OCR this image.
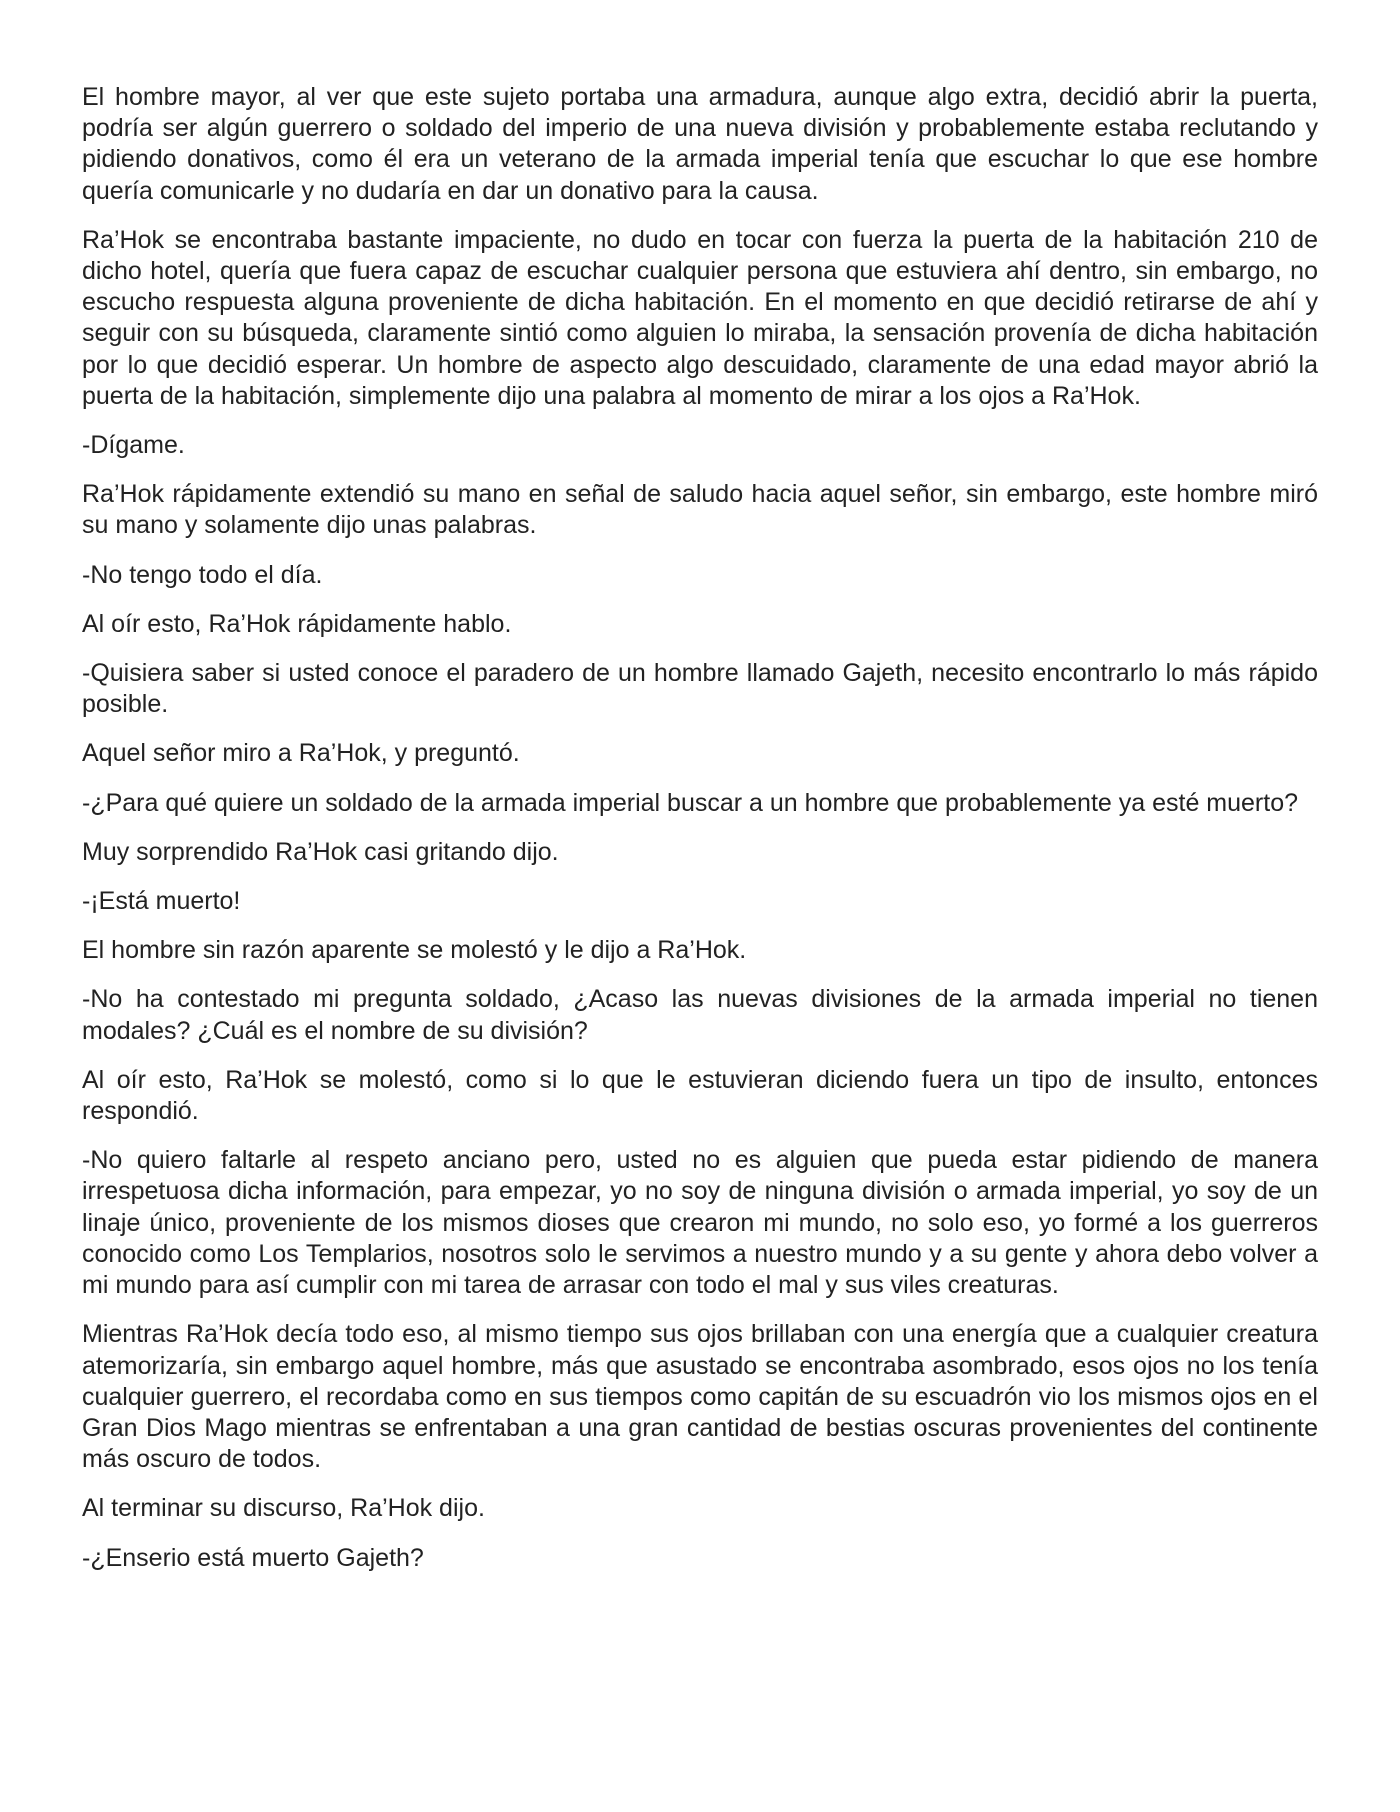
El hombre mayor, al ver que este sujeto portaba una armadura, aunque algo extra, decidió abrir la puerta, podría ser algún guerrero o soldado del imperio de una nueva división y probablemente estaba reclutando y pidiendo donativos, como él era un veterano de la armada imperial tenía que escuchar lo que ese hombre quería comunicarle y no dudaría en dar un donativo para la causa.

Ra’Hok se encontraba bastante impaciente, no dudo en tocar con fuerza la puerta de la habitación 210 de dicho hotel, quería que fuera capaz de escuchar cualquier persona que estuviera ahí dentro, sin embargo, no escucho respuesta alguna proveniente de dicha habitación. En el momento en que decidió retirarse de ahí y seguir con su búsqueda, claramente sintió como alguien lo miraba, la sensación provenía de dicha habitación por lo que decidió esperar. Un hombre de aspecto algo descuidado, claramente de una edad mayor abrió la puerta de la habitación, simplemente dijo una palabra al momento de mirar a los ojos a Ra’Hok.

-Dígame.

Ra’Hok rápidamente extendió su mano en señal de saludo hacia aquel señor, sin embargo, este hombre miró su mano y solamente dijo unas palabras.

-No tengo todo el día.

Al oír esto, Ra’Hok rápidamente hablo.

-Quisiera saber si usted conoce el paradero de un hombre llamado Gajeth, necesito encontrarlo lo más rápido posible.

Aquel señor miro a Ra’Hok, y preguntó.

-¿Para qué quiere un soldado de la armada imperial buscar a un hombre que probablemente ya esté muerto?

Muy sorprendido Ra’Hok casi gritando dijo.

-¡Está muerto!

El hombre sin razón aparente se molestó y le dijo a Ra’Hok.

-No ha contestado mi pregunta soldado, ¿Acaso las nuevas divisiones de la armada imperial no tienen modales? ¿Cuál es el nombre de su división?

Al oír esto, Ra’Hok se molestó, como si lo que le estuvieran diciendo fuera un tipo de insulto, entonces respondió.

-No quiero faltarle al respeto anciano pero, usted no es alguien que pueda estar pidiendo de manera irrespetuosa dicha información, para empezar, yo no soy de ninguna división o armada imperial, yo soy de un linaje único, proveniente de los mismos dioses que crearon mi mundo, no solo eso, yo formé a los guerreros conocido como Los Templarios, nosotros solo le servimos a nuestro mundo y a su gente y ahora debo volver a mi mundo para así cumplir con mi tarea de arrasar con todo el mal y sus viles creaturas.

Mientras Ra’Hok decía todo eso, al mismo tiempo sus ojos brillaban con una energía que a cualquier creatura atemorizaría, sin embargo aquel hombre, más que asustado se encontraba asombrado, esos ojos no los tenía cualquier guerrero, el recordaba como en sus tiempos como capitán de su escuadrón vio los mismos ojos en el Gran Dios Mago mientras se enfrentaban a una gran cantidad de bestias oscuras provenientes del continente más oscuro de todos.

Al terminar su discurso, Ra’Hok dijo.

-¿Enserio está muerto Gajeth?
